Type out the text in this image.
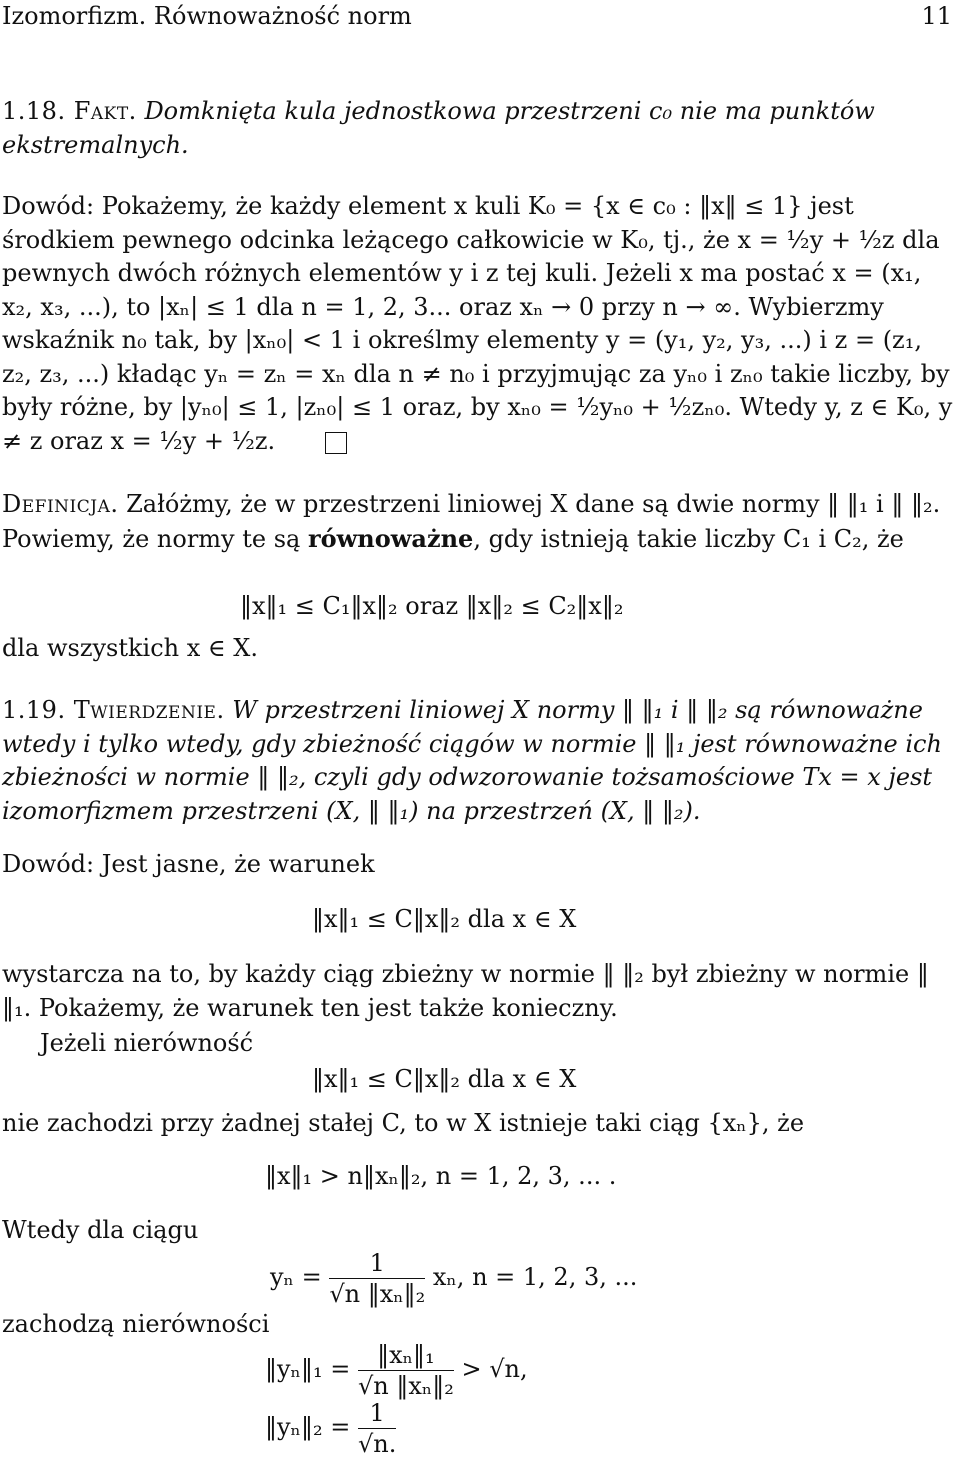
Izomorfizm. Równoważność norm	11

1.18. Fakt. Domknięta kula jednostkowa przestrzeni c₀ nie ma punktów ekstremalnych.

Dowód: Pokażemy, że każdy element x kuli K₀ = {x ∈ c₀ : ‖x‖ ≤ 1} jest środkiem pewnego odcinka leżącego całkowicie w K₀, tj., że x = ½y + ½z dla pewnych dwóch różnych elementów y i z tej kuli. Jeżeli x ma postać x = (x₁, x₂, x₃, ...), to |xₙ| ≤ 1 dla n = 1, 2, 3... oraz xₙ → 0 przy n → ∞. Wybierzmy wskaźnik n₀ tak, by |xₙ₀| < 1 i określmy elementy y = (y₁, y₂, y₃, ...) i z = (z₁, z₂, z₃, ...) kładąc yₙ = zₙ = xₙ dla n ≠ n₀ i przyjmując za yₙ₀ i zₙ₀ takie liczby, by były różne, by |yₙ₀| ≤ 1, |zₙ₀| ≤ 1 oraz, by xₙ₀ = ½yₙ₀ + ½zₙ₀. Wtedy y, z ∈ K₀, y ≠ z oraz x = ½y + ½z.

Definicja. Załóżmy, że w przestrzeni liniowej X dane są dwie normy ‖ ‖₁ i ‖ ‖₂. Powiemy, że normy te są równoważne, gdy istnieją takie liczby C₁ i C₂, że

‖x‖₁ ≤ C₁‖x‖₂ oraz ‖x‖₂ ≤ C₂‖x‖₂

dla wszystkich x ∈ X.

1.19. Twierdzenie. W przestrzeni liniowej X normy ‖ ‖₁ i ‖ ‖₂ są równoważne wtedy i tylko wtedy, gdy zbieżność ciągów w normie ‖ ‖₁ jest równoważne ich zbieżności w normie ‖ ‖₂, czyli gdy odwzorowanie tożsamościowe Tx = x jest izomorfizmem przestrzeni (X, ‖ ‖₁) na przestrzeń (X, ‖ ‖₂).

Dowód: Jest jasne, że warunek

‖x‖₁ ≤ C‖x‖₂ dla x ∈ X

wystarcza na to, by każdy ciąg zbieżny w normie ‖ ‖₂ był zbieżny w normie ‖ ‖₁. Pokażemy, że warunek ten jest także konieczny.

Jeżeli nierówność

‖x‖₁ ≤ C‖x‖₂ dla x ∈ X

nie zachodzi przy żadnej stałej C, to w X istnieje taki ciąg {xₙ}, że

‖x‖₁ > n‖xₙ‖₂, n = 1, 2, 3, ... .

Wtedy dla ciągu

$y_n = \frac{1}{\text{√n ‖xₙ‖₂}} x_n$, n = 1, 2, 3, ...

zachodzą nierówności

‖yₙ‖₁ = $\frac{\text{‖xₙ‖₁}}{\text{√n ‖xₙ‖₂}} > √n$,
‖yₙ‖₂ = $\frac{1}{√n.}$
